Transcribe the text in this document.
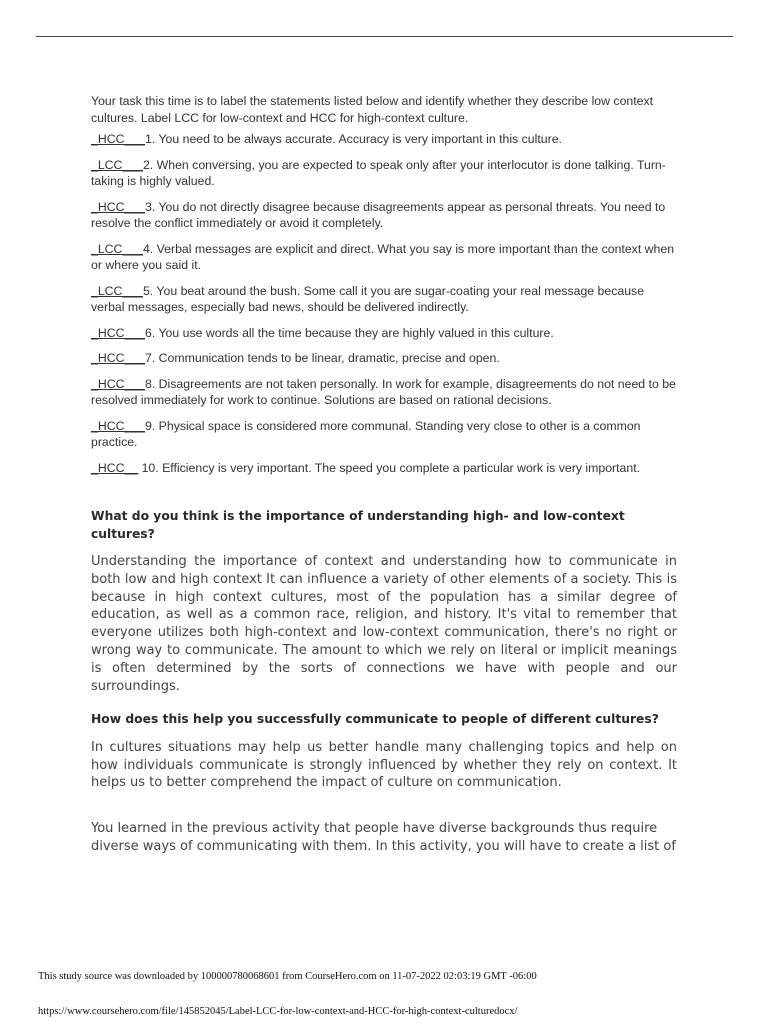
Your task this time is to label the statements listed below and identify whether they describe low context cultures. Label LCC for low-context and HCC for high-context culture.

_HCC___1. You need to be always accurate. Accuracy is very important in this culture.

_LCC___2. When conversing, you are expected to speak only after your interlocutor is done talking. Turn-taking is highly valued.

_HCC___3. You do not directly disagree because disagreements appear as personal threats. You need to resolve the conflict immediately or avoid it completely.

_LCC___4. Verbal messages are explicit and direct. What you say is more important than the context when or where you said it.

_LCC___5. You beat around the bush. Some call it you are sugar-coating your real message because verbal messages, especially bad news, should be delivered indirectly.

_HCC___6. You use words all the time because they are highly valued in this culture.

_HCC___7. Communication tends to be linear, dramatic, precise and open.

_HCC___8. Disagreements are not taken personally. In work for example, disagreements do not need to be resolved immediately for work to continue. Solutions are based on rational decisions.

_HCC___9. Physical space is considered more communal. Standing very close to other is a common practice.

_HCC__ 10. Efficiency is very important. The speed you complete a particular work is very important.

What do you think is the importance of understanding high- and low-context cultures?

Understanding the importance of context and understanding how to communicate in both low and high context It can influence a variety of other elements of a society. This is because in high context cultures, most of the population has a similar degree of education, as well as a common race, religion, and history. It's vital to remember that everyone utilizes both high-context and low-context communication, there's no right or wrong way to communicate. The amount to which we rely on literal or implicit meanings is often determined by the sorts of connections we have with people and our surroundings.

How does this help you successfully communicate to people of different cultures?

In cultures situations may help us better handle many challenging topics and help on how individuals communicate is strongly influenced by whether they rely on context. It helps us to better comprehend the impact of culture on communication.

You learned in the previous activity that people have diverse backgrounds thus require diverse ways of communicating with them. In this activity, you will have to create a list of

This study source was downloaded by 100000780068601 from CourseHero.com on 11-07-2022 02:03:19 GMT -06:00
https://www.coursehero.com/file/145852045/Label-LCC-for-low-context-and-HCC-for-high-context-culturedocx/
